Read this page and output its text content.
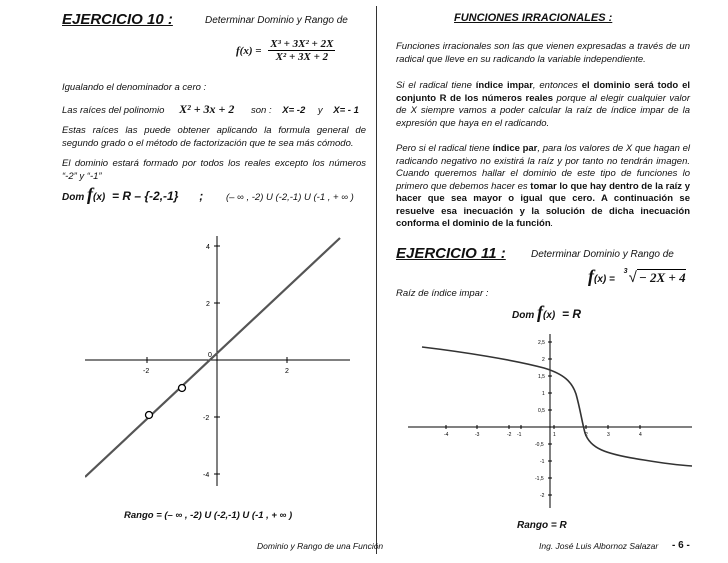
EJERCICIO 10 :	Determinar Dominio y Rango de
$f(x) = \frac{\text{X³ + 3X² + 2X}}{\text{X² + 3X + 2}}$
Igualando el denominador a cero :
Las raíces del polinomio X² + 3x + 2 son : X= -2 y X= - 1
Estas raíces las puede obtener aplicando la formula general de segundo grado o el método de factorización que te sea más cómodo.
El dominio estará formado por todos los reales excepto los números “-2” y “-1”
Dom f(x) = R – {-2,-1} ; (– ∞ , -2) U (-2,-1) U (-1 , + ∞ )
-2
0
2
4
2
-2
-4
Rango = (– ∞ , -2) U (-2,-1) U (-1 , + ∞ )
Dominio y Rango de una Función
FUNCIONES IRRACIONALES :
Funciones irracionales son las que vienen expresadas a través de un radical que lleve en su radicando la variable independiente.
Si el radical tiene índice impar, entonces el dominio será todo el conjunto R de los números reales porque al elegir cualquier valor de X siempre vamos a poder calcular la raíz de índice impar de la expresión que haya en el radicando.
Pero si el radical tiene índice par, para los valores de X que hagan el radicando negativo no existirá la raíz y por tanto no tendrán imagen. Cuando queremos hallar el dominio de este tipo de funciones lo primero que debemos hacer es tomar lo que hay dentro de la raíz y hacer que sea mayor o igual que cero. A continuación se resuelve esa inecuación y la solución de dicha inecuación conforma el dominio de la función.
EJERCICIO 11 :	Determinar Dominio y Rango de
f(x) =
3 √ − 2X + 4
Raíz de índice impar :
Dom f(x) = R
-4	-3	-2 -1	1	2	3	4
2,5
2
1,5
1
0,5
-0,5
-1
-1,5
-2
Rango = R
Ing. José Luis Albornoz Salazar - 6 -
